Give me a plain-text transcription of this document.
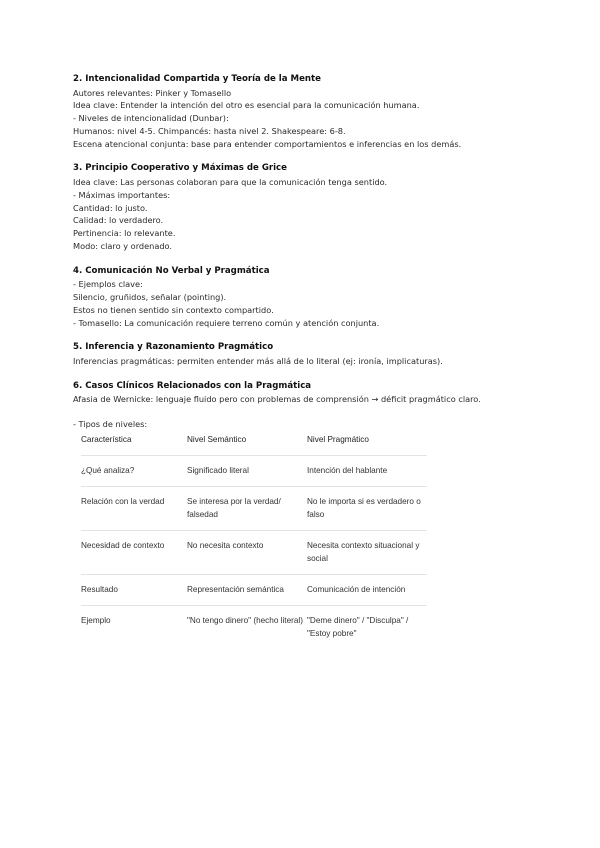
2. Intencionalidad Compartida y Teoría de la Mente

Autores relevantes: Pinker y Tomasello

Idea clave: Entender la intención del otro es esencial para la comunicación humana.

- Niveles de intencionalidad (Dunbar):

Humanos: nivel 4-5. Chimpancés: hasta nivel 2. Shakespeare: 6-8.

Escena atencional conjunta: base para entender comportamientos e inferencias en los demás.

3. Principio Cooperativo y Máximas de Grice

Idea clave: Las personas colaboran para que la comunicación tenga sentido.

- Máximas importantes:

Cantidad: lo justo.

Calidad: lo verdadero.

Pertinencia: lo relevante.

Modo: claro y ordenado.

4. Comunicación No Verbal y Pragmática

- Ejemplos clave:

Silencio, gruñidos, señalar (pointing).

Estos no tienen sentido sin contexto compartido.

- Tomasello: La comunicación requiere terreno común y atención conjunta.

5. Inferencia y Razonamiento Pragmático

Inferencias pragmáticas: permiten entender más allá de lo literal (ej: ironía, implicaturas).

6. Casos Clínicos Relacionados con la Pragmática

Afasia de Wernicke: lenguaje fluido pero con problemas de comprensión → déficit pragmático claro.

- Tipos de niveles:
Característica	Nivel Semántico	Nivel Pragmático
¿Qué analiza?	Significado literal	Intención del hablante
Relación con la verdad	Se interesa por la verdad/ falsedad	No le importa si es verdadero o falso
Necesidad de contexto	No necesita contexto	Necesita contexto situacional y social
Resultado	Representación semántica	Comunicación de intención
Ejemplo	"No tengo dinero" (hecho literal)	"Deme dinero" / "Disculpa" / "Estoy pobre"
